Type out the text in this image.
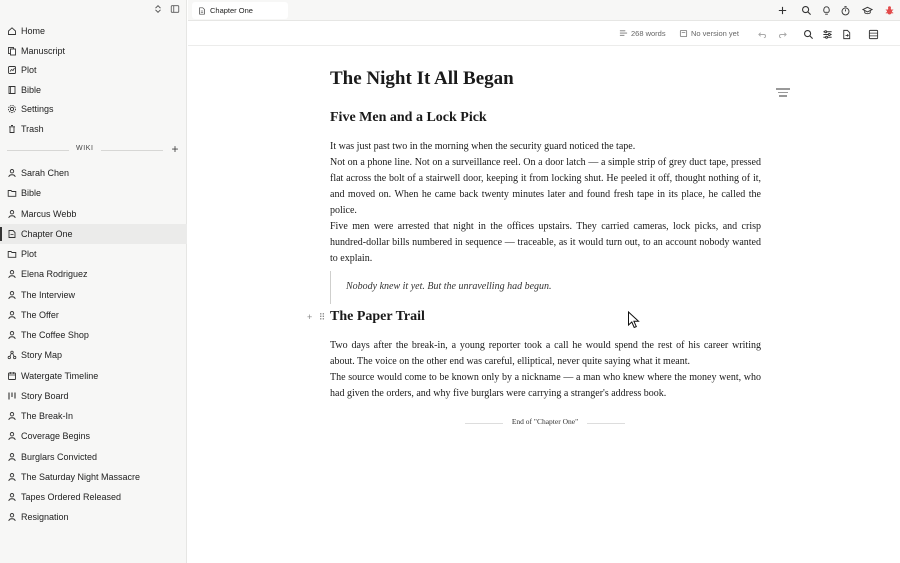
Home
Manuscript
Plot
Bible
Settings
Trash
WIKI	+
Sarah Chen
Bible
Marcus Webb
Chapter One
Plot
Elena Rodriguez
The Interview
The Offer
The Coffee Shop
Story Map
Watergate Timeline
Story Board
The Break-In
Coverage Begins
Burglars Convicted
The Saturday Night Massacre
Tapes Ordered Released
Resignation
Chapter One
268 words	No version yet
The Night It All Began
Five Men and a Lock Pick
It was just past two in the morning when the security guard noticed the tape.
Not on a phone line. Not on a surveillance reel. On a door latch — a simple strip of grey duct tape, pressed flat across the bolt of a stairwell door, keeping it from locking shut. He peeled it off, thought nothing of it, and moved on. When he came back twenty minutes later and found fresh tape in its place, he called the police.
Five men were arrested that night in the offices upstairs. They carried cameras, lock picks, and crisp hundred-dollar bills numbered in sequence — traceable, as it would turn out, to an account nobody wanted to explain.
Nobody knew it yet. But the unravelling had begun.
+ ⠿ The Paper Trail
Two days after the break-in, a young reporter took a call he would spend the rest of his career writing about. The voice on the other end was careful, elliptical, never quite saying what it meant.
The source would come to be known only by a nickname — a man who knew where the money went, who had given the orders, and why five burglars were carrying a stranger's address book.
End of "Chapter One"
